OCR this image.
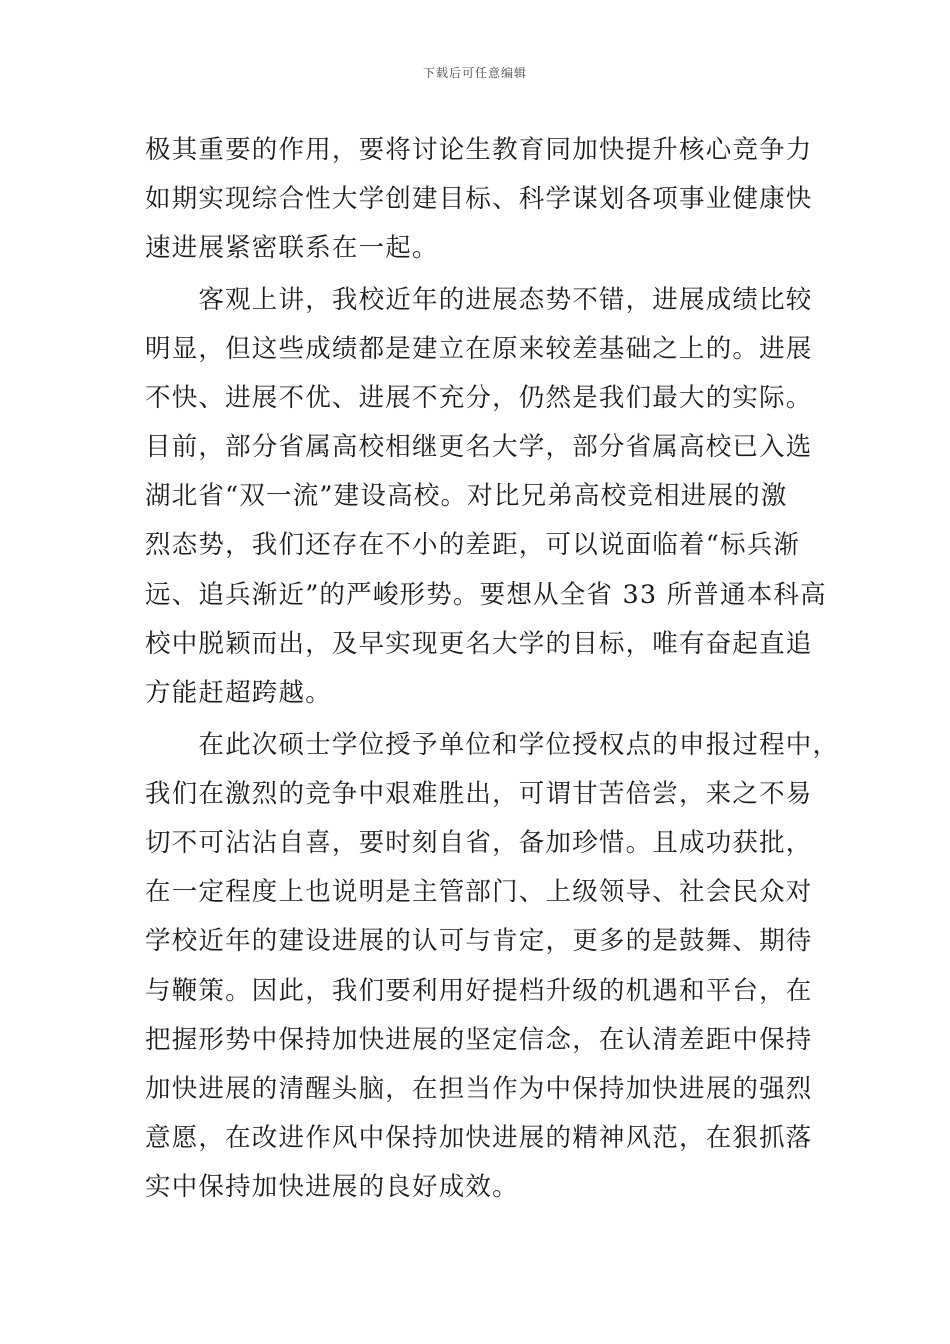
下载后可任意编辑
极其重要的作用，要将讨论生教育同加快提升核心竞争力
如期实现综合性大学创建目标、科学谋划各项事业健康快
速进展紧密联系在一起。
　　客观上讲，我校近年的进展态势不错，进展成绩比较
明显，但这些成绩都是建立在原来较差基础之上的。进展
不快、进展不优、进展不充分，仍然是我们最大的实际。
目前，部分省属高校相继更名大学，部分省属高校已入选
湖北省“双一流”建设高校。对比兄弟高校竞相进展的激
烈态势，我们还存在不小的差距，可以说面临着“标兵渐
远、追兵渐近”的严峻形势。要想从全省 33 所普通本科高
校中脱颖而出，及早实现更名大学的目标，唯有奋起直追
方能赶超跨越。
　　在此次硕士学位授予单位和学位授权点的申报过程中，
我们在激烈的竞争中艰难胜出，可谓甘苦倍尝，来之不易
切不可沾沾自喜，要时刻自省，备加珍惜。且成功获批，
在一定程度上也说明是主管部门、上级领导、社会民众对
学校近年的建设进展的认可与肯定，更多的是鼓舞、期待
与鞭策。因此，我们要利用好提档升级的机遇和平台，在
把握形势中保持加快进展的坚定信念，在认清差距中保持
加快进展的清醒头脑，在担当作为中保持加快进展的强烈
意愿，在改进作风中保持加快进展的精神风范，在狠抓落
实中保持加快进展的良好成效。
